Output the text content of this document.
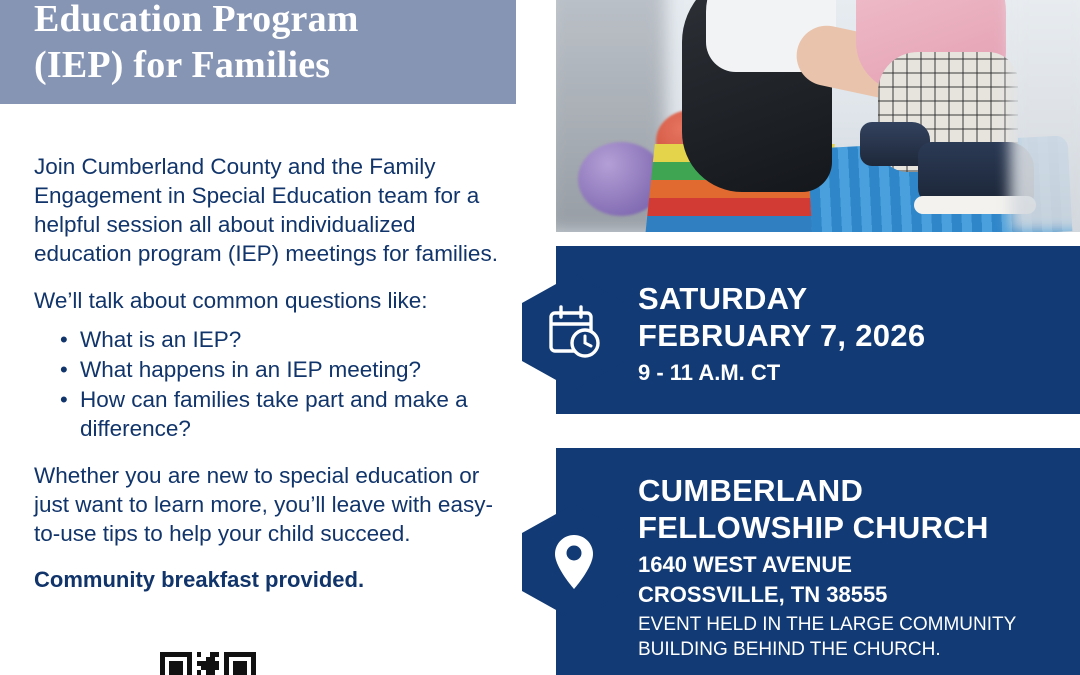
Education Program
(IEP) for Families

Join Cumberland County and the Family Engagement in Special Education team for a helpful session all about individualized education program (IEP) meetings for families.

We’ll talk about common questions like:

• What is an IEP?
• What happens in an IEP meeting?
• How can families take part and make a difference?

Whether you are new to special education or just want to learn more, you’ll leave with easy-to-use tips to help your child succeed.

Community breakfast provided.

SATURDAY
FEBRUARY 7, 2026
9 - 11 A.M. CT
CUMBERLAND
FELLOWSHIP CHURCH
1640 WEST AVENUE
CROSSVILLE, TN 38555
EVENT HELD IN THE LARGE COMMUNITY
BUILDING BEHIND THE CHURCH.
